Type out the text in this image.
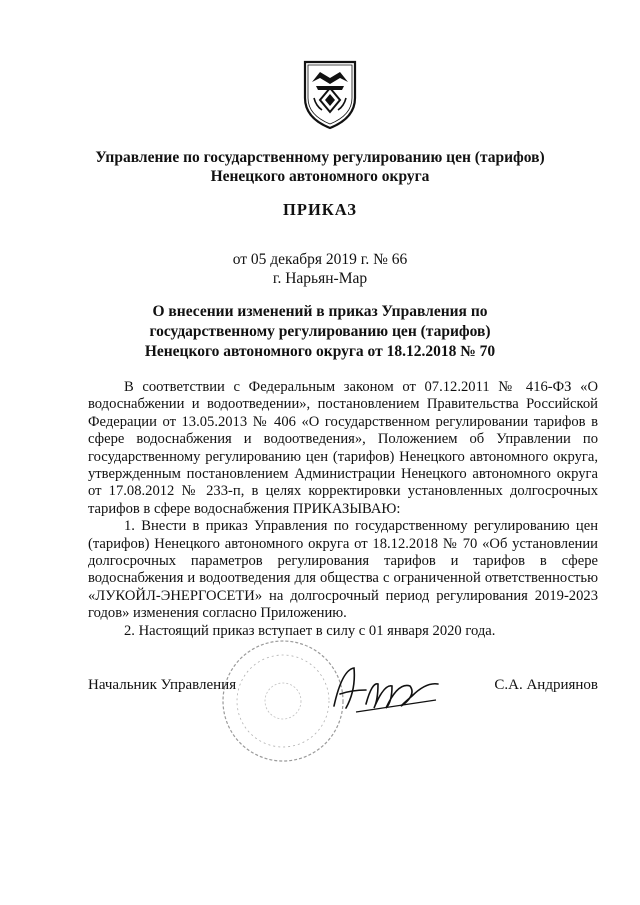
Управление по государственному регулированию цен (тарифов)
Ненецкого автономного округа
ПРИКАЗ
от 05 декабря 2019 г. № 66
г. Нарьян-Мар
О внесении изменений в приказ Управления по
государственному регулированию цен (тарифов)
Ненецкого автономного округа от 18.12.2018 № 70

В соответствии с Федеральным законом от 07.12.2011 № 416-ФЗ «О водоснабжении и водоотведении», постановлением Правительства Российской Федерации от 13.05.2013 № 406 «О государственном регулировании тарифов в сфере водоснабжения и водоотведения», Положением об Управлении по государственному регулированию цен (тарифов) Ненецкого автономного округа, утвержденным постановлением Администрации Ненецкого автономного округа от 17.08.2012 № 233-п, в целях корректировки установленных долгосрочных тарифов в сфере водоснабжения ПРИКАЗЫВАЮ:

1. Внести в приказ Управления по государственному регулированию цен (тарифов) Ненецкого автономного округа от 18.12.2018 № 70 «Об установлении долгосрочных параметров регулирования тарифов и тарифов в сфере водоснабжения и водоотведения для общества с ограниченной ответственностью «ЛУКОЙЛ-ЭНЕРГОСЕТИ» на долгосрочный период регулирования 2019-2023 годов» изменения согласно Приложению.

2. Настоящий приказ вступает в силу с 01 января 2020 года.

Начальник Управления	С.А. Андриянов
